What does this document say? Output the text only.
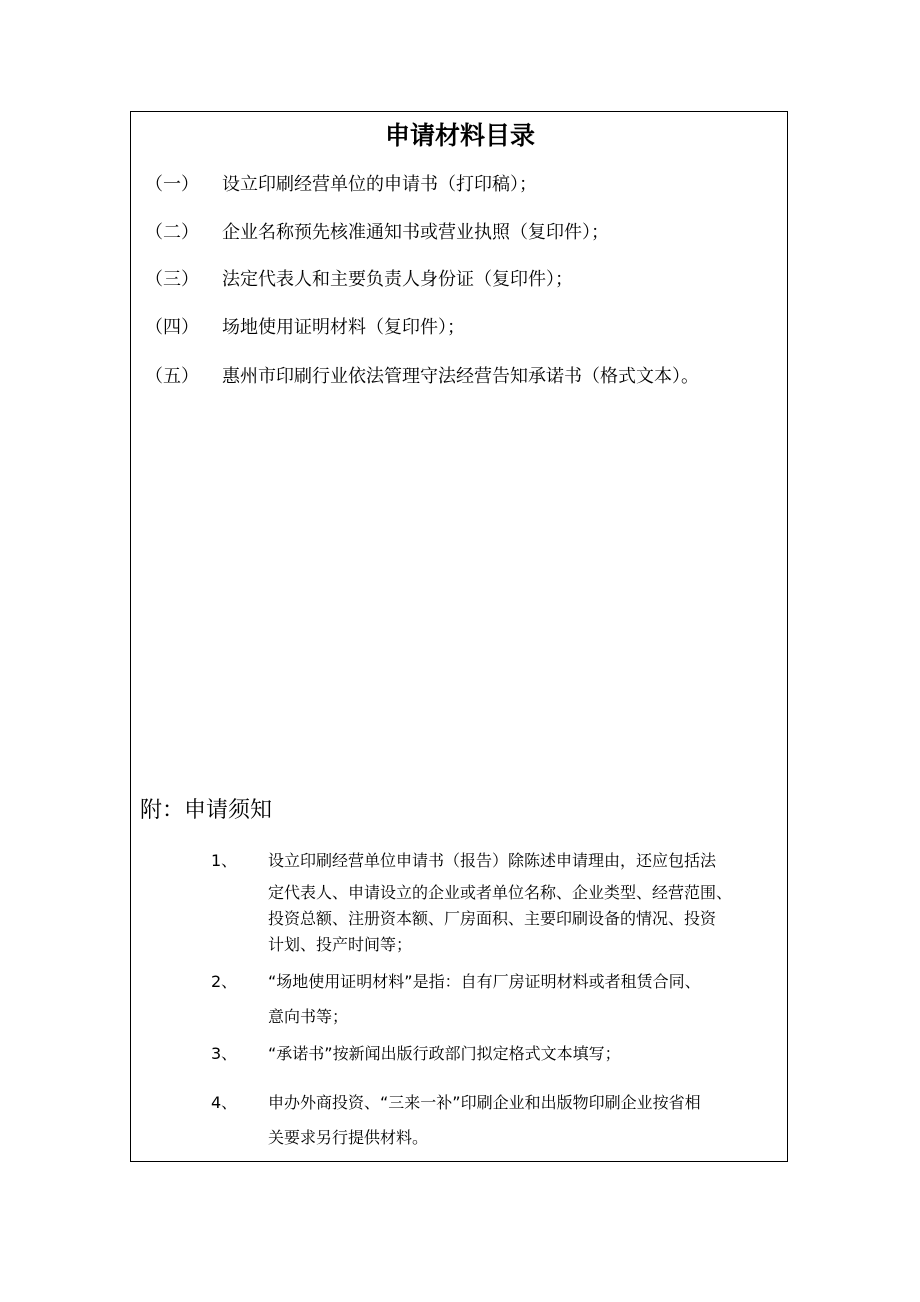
申请材料目录
（一） 设立印刷经营单位的申请书（打印稿）；
（二） 企业名称预先核准通知书或营业执照（复印件）；
（三） 法定代表人和主要负责人身份证（复印件）；
（四） 场地使用证明材料（复印件）；
（五） 惠州市印刷行业依法管理守法经营告知承诺书（格式文本）。
附：申请须知
1、 设立印刷经营单位申请书（报告）除陈述申请理由，还应包括法
定代表人、申请设立的企业或者单位名称、企业类型、经营范围、
投资总额、注册资本额、厂房面积、主要印刷设备的情况、投资
计划、投产时间等；

2、 “场地使用证明材料”是指：自有厂房证明材料或者租赁合同、
意向书等；

3、 “承诺书”按新闻出版行政部门拟定格式文本填写；

4、 申办外商投资、“三来一补”印刷企业和出版物印刷企业按省相
关要求另行提供材料。
